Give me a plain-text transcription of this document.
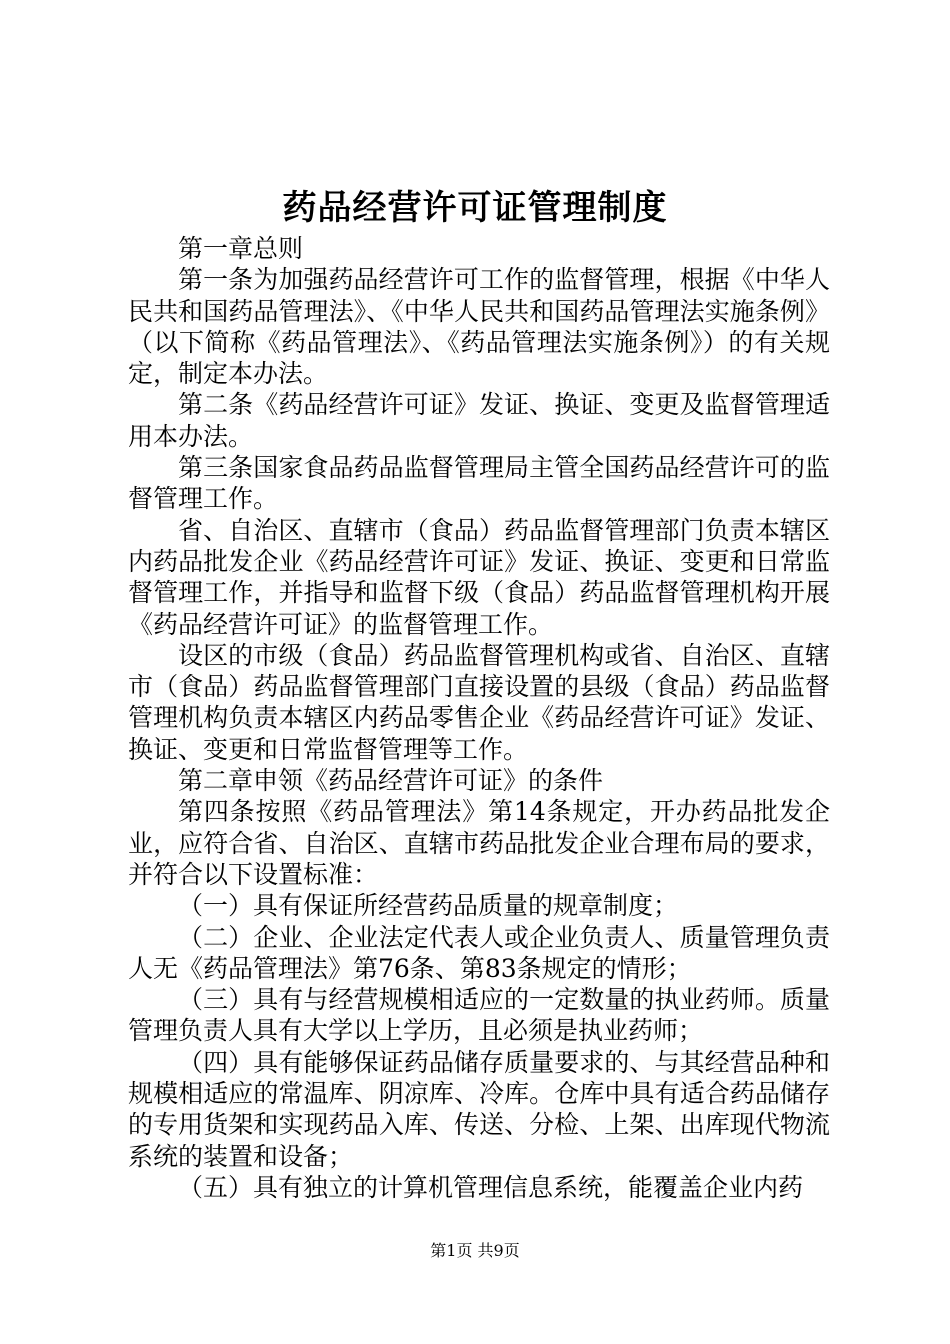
药品经营许可证管理制度

第一章总则

第一条为加强药品经营许可工作的监督管理，根据《中华人民共和国药品管理法》、《中华人民共和国药品管理法实施条例》（以下简称《药品管理法》、《药品管理法实施条例》）的有关规定，制定本办法。

第二条《药品经营许可证》发证、换证、变更及监督管理适用本办法。

第三条国家食品药品监督管理局主管全国药品经营许可的监督管理工作。

省、自治区、直辖市（食品）药品监督管理部门负责本辖区内药品批发企业《药品经营许可证》发证、换证、变更和日常监督管理工作，并指导和监督下级（食品）药品监督管理机构开展《药品经营许可证》的监督管理工作。

设区的市级（食品）药品监督管理机构或省、自治区、直辖市（食品）药品监督管理部门直接设置的县级（食品）药品监督管理机构负责本辖区内药品零售企业《药品经营许可证》发证、换证、变更和日常监督管理等工作。

第二章申领《药品经营许可证》的条件

第四条按照《药品管理法》第14条规定，开办药品批发企业，应符合省、自治区、直辖市药品批发企业合理布局的要求，并符合以下设置标准：

（一）具有保证所经营药品质量的规章制度；

（二）企业、企业法定代表人或企业负责人、质量管理负责人无《药品管理法》第76条、第83条规定的情形；

（三）具有与经营规模相适应的一定数量的执业药师。质量管理负责人具有大学以上学历，且必须是执业药师；

（四）具有能够保证药品储存质量要求的、与其经营品种和规模相适应的常温库、阴凉库、冷库。仓库中具有适合药品储存的专用货架和实现药品入库、传送、分检、上架、出库现代物流系统的装置和设备；

（五）具有独立的计算机管理信息系统，能覆盖企业内药

第1页 共9页
